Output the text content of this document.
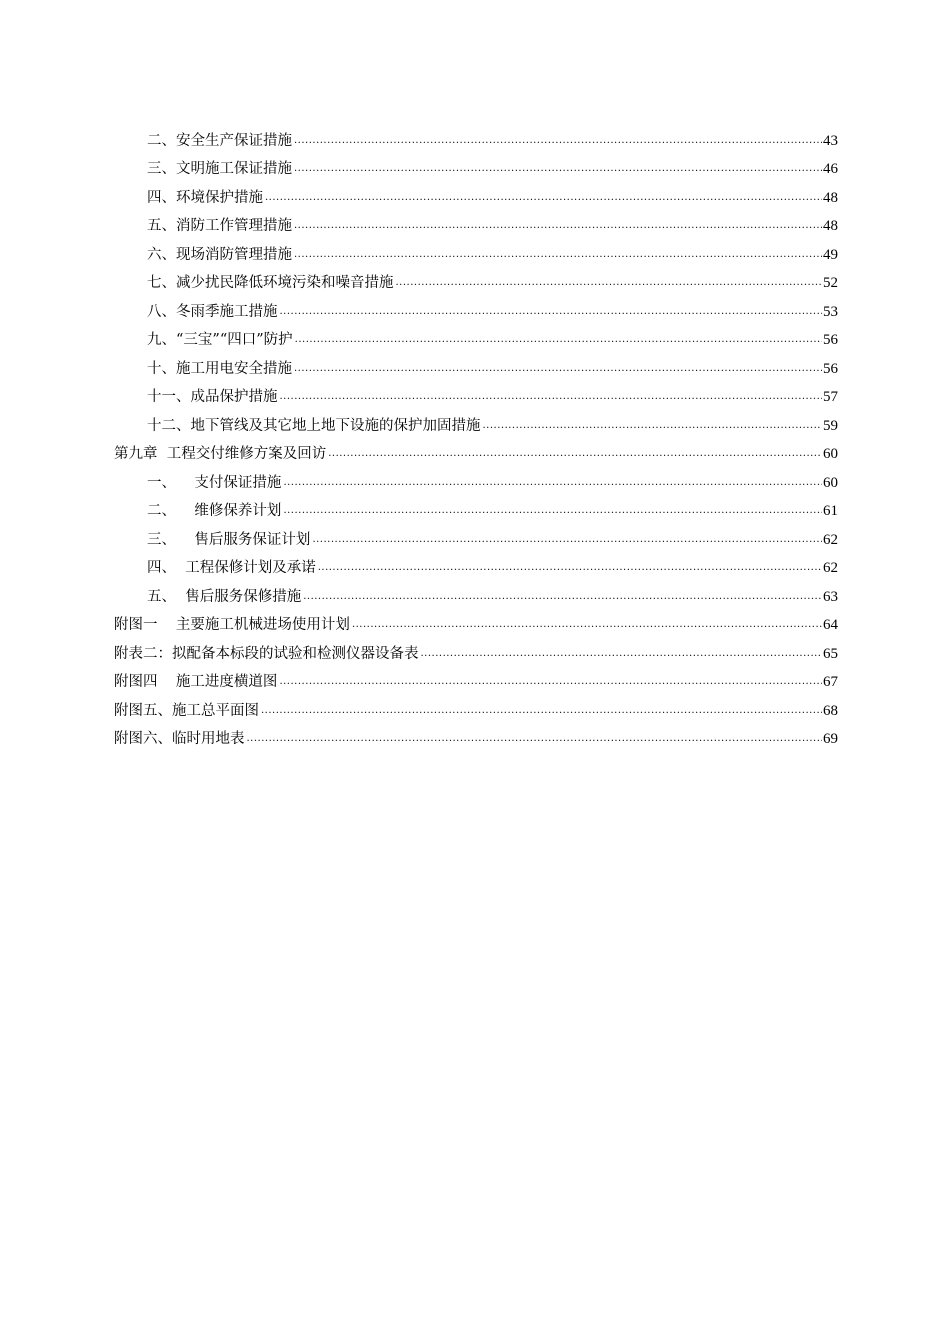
二、安全生产保证措施 .....	43
三、文明施工保证措施 .....	46
四、环境保护措施 .....	48
五、消防工作管理措施 .....	48
六、现场消防管理措施 .....	49
七、减少扰民降低环境污染和噪音措施 .....	52
八、冬雨季施工措施 .....	53
九、“三宝”“四口”防护 .....	56
十、施工用电安全措施 .....	56
十一、成品保护措施 .....	57
十二、地下管线及其它地上地下设施的保护加固措施 .....	59
第九章  工程交付维修方案及回访 .....	60
一、    支付保证措施 .....	60
二、    维修保养计划 .....	61
三、    售后服务保证计划 .....	62
四、  工程保修计划及承诺 .....	62
五、  售后服务保修措施 .....	63
附图一    主要施工机械进场使用计划 .....	64
附表二：拟配备本标段的试验和检测仪器设备表 .....	65
附图四    施工进度横道图 .....	67
附图五、施工总平面图 .....	68
附图六、临时用地表 .....	69
